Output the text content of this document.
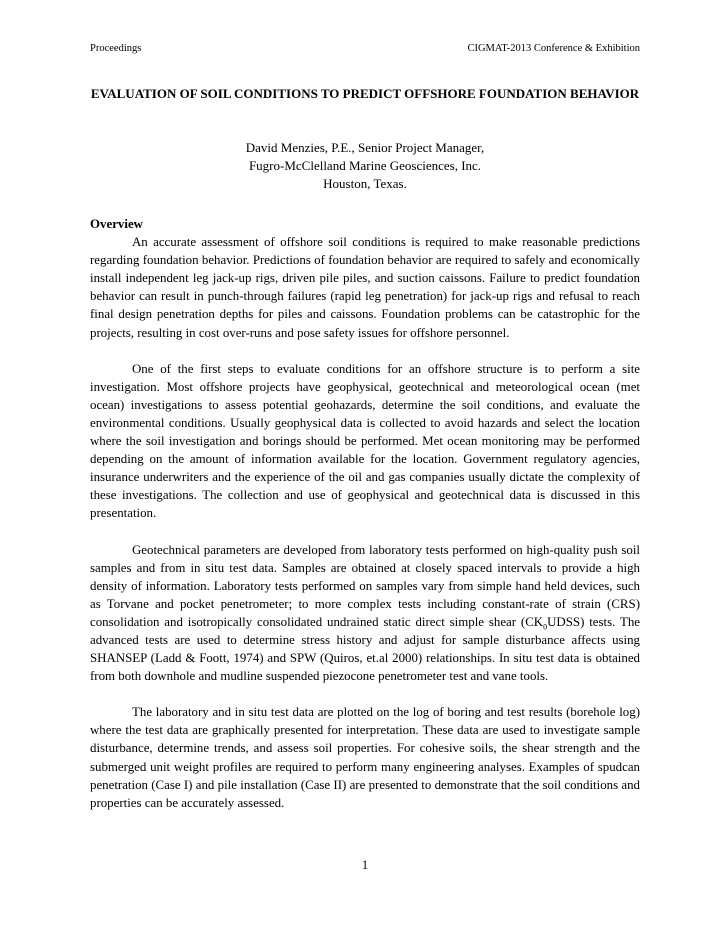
Proceedings	CIGMAT-2013 Conference & Exhibition
EVALUATION OF SOIL CONDITIONS TO PREDICT OFFSHORE FOUNDATION BEHAVIOR
David Menzies, P.E., Senior Project Manager,
Fugro-McClelland Marine Geosciences, Inc.
Houston, Texas.
Overview

An accurate assessment of offshore soil conditions is required to make reasonable predictions regarding foundation behavior. Predictions of foundation behavior are required to safely and economically install independent leg jack-up rigs, driven pile piles, and suction caissons. Failure to predict foundation behavior can result in punch-through failures (rapid leg penetration) for jack-up rigs and refusal to reach final design penetration depths for piles and caissons. Foundation problems can be catastrophic for the projects, resulting in cost over-runs and pose safety issues for offshore personnel.

One of the first steps to evaluate conditions for an offshore structure is to perform a site investigation. Most offshore projects have geophysical, geotechnical and meteorological ocean (met ocean) investigations to assess potential geohazards, determine the soil conditions, and evaluate the environmental conditions. Usually geophysical data is collected to avoid hazards and select the location where the soil investigation and borings should be performed. Met ocean monitoring may be performed depending on the amount of information available for the location. Government regulatory agencies, insurance underwriters and the experience of the oil and gas companies usually dictate the complexity of these investigations. The collection and use of geophysical and geotechnical data is discussed in this presentation.

Geotechnical parameters are developed from laboratory tests performed on high-quality push soil samples and from in situ test data. Samples are obtained at closely spaced intervals to provide a high density of information. Laboratory tests performed on samples vary from simple hand held devices, such as Torvane and pocket penetrometer; to more complex tests including constant-rate of strain (CRS) consolidation and isotropically consolidated undrained static direct simple shear $(CK_0UDSS)$ tests. The advanced tests are used to determine stress history and adjust for sample disturbance affects using SHANSEP (Ladd & Foott, 1974) and SPW (Quiros, et.al 2000) relationships. In situ test data is obtained from both downhole and mudline suspended piezocone penetrometer test and vane tools.

The laboratory and in situ test data are plotted on the log of boring and test results (borehole log) where the test data are graphically presented for interpretation. These data are used to investigate sample disturbance, determine trends, and assess soil properties. For cohesive soils, the shear strength and the submerged unit weight profiles are required to perform many engineering analyses. Examples of spudcan penetration (Case I) and pile installation (Case II) are presented to demonstrate that the soil conditions and properties can be accurately assessed.

1
